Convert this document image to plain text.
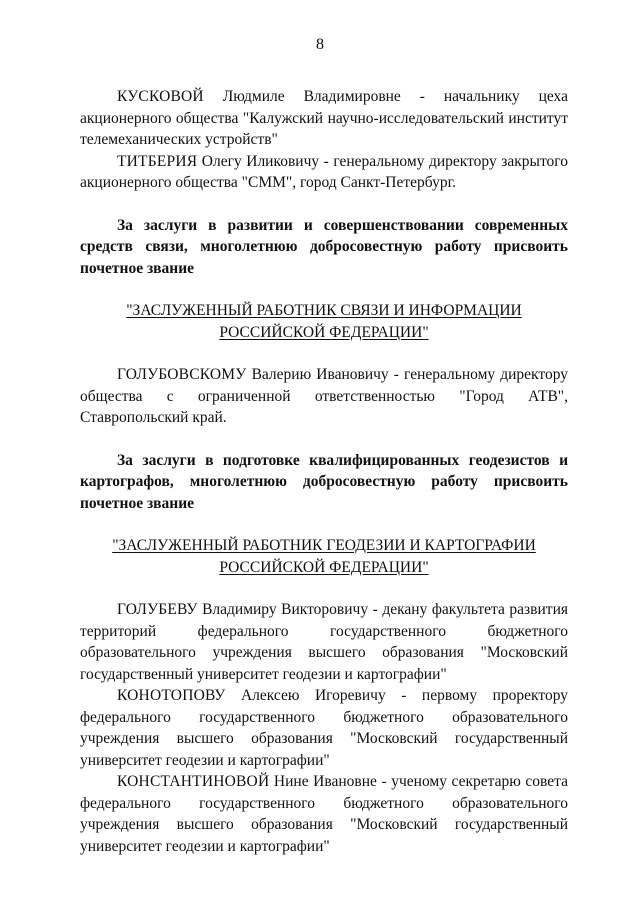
8

КУСКОВОЙ Людмиле Владимировне - начальнику цеха акционерного общества "Калужский научно-исследовательский институт телемеханических устройств"

ТИТБЕРИЯ Олегу Иликовичу - генеральному директору закрытого акционерного общества "СММ", город Санкт-Петербург.

За заслуги в развитии и совершенствовании современных средств связи, многолетнюю добросовестную работу присвоить почетное звание

"ЗАСЛУЖЕННЫЙ РАБОТНИК СВЯЗИ И ИНФОРМАЦИИ

РОССИЙСКОЙ ФЕДЕРАЦИИ"

ГОЛУБОВСКОМУ Валерию Ивановичу - генеральному директору общества с ограниченной ответственностью "Город АТВ", Ставропольский край.

За заслуги в подготовке квалифицированных геодезистов и картографов, многолетнюю добросовестную работу присвоить почетное звание

"ЗАСЛУЖЕННЫЙ РАБОТНИК ГЕОДЕЗИИ И КАРТОГРАФИИ

РОССИЙСКОЙ ФЕДЕРАЦИИ"

ГОЛУБЕВУ Владимиру Викторовичу - декану факультета развития территорий федерального государственного бюджетного образовательного учреждения высшего образования "Московский государственный университет геодезии и картографии"

КОНОТОПОВУ Алексею Игоревичу - первому проректору федерального государственного бюджетного образовательного учреждения высшего образования "Московский государственный университет геодезии и картографии"

КОНСТАНТИНОВОЙ Нине Ивановне - ученому секретарю совета федерального государственного бюджетного образовательного учреждения высшего образования "Московский государственный университет геодезии и картографии"
